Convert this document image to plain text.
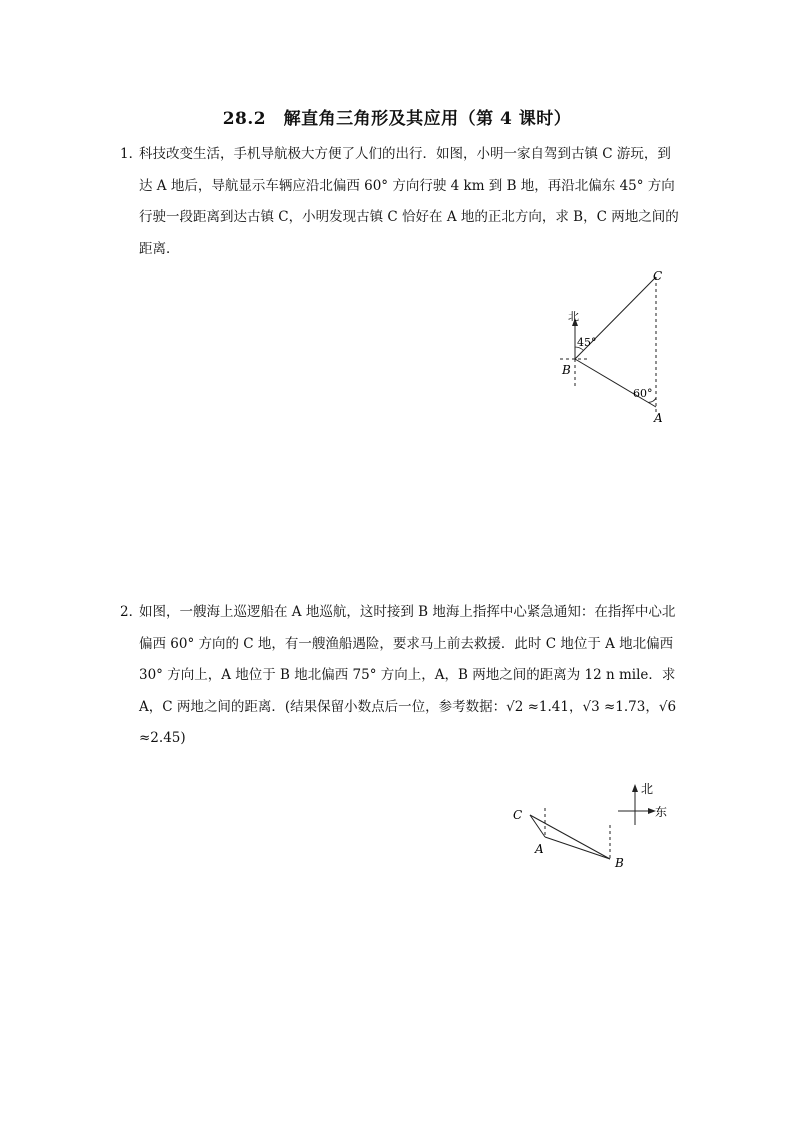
28.2　解直角三角形及其应用（第 4 课时）
1．
科技改变生活，手机导航极大方便了人们的出行．如图，小明一家自驾到古镇 C 游玩，到达 A 地后，导航显示车辆应沿北偏西 60° 方向行驶 4 km 到 B 地，再沿北偏东 45° 方向行驶一段距离到达古镇 C，小明发现古镇 C 恰好在 A 地的正北方向，求 B，C 两地之间的距离．
北
45°
60°
C
B
A
2．
如图，一艘海上巡逻船在 A 地巡航，这时接到 B 地海上指挥中心紧急通知：在指挥中心北偏西 60° 方向的 C 地，有一艘渔船遇险，要求马上前去救援．此时 C 地位于 A 地北偏西 30° 方向上，A 地位于 B 地北偏西 75° 方向上，A，B 两地之间的距离为 12 n mile．求 A，C 两地之间的距离．(结果保留小数点后一位，参考数据：√2 ≈1.41，√3 ≈1.73，√6 ≈2.45)
C
A
B
北
东
